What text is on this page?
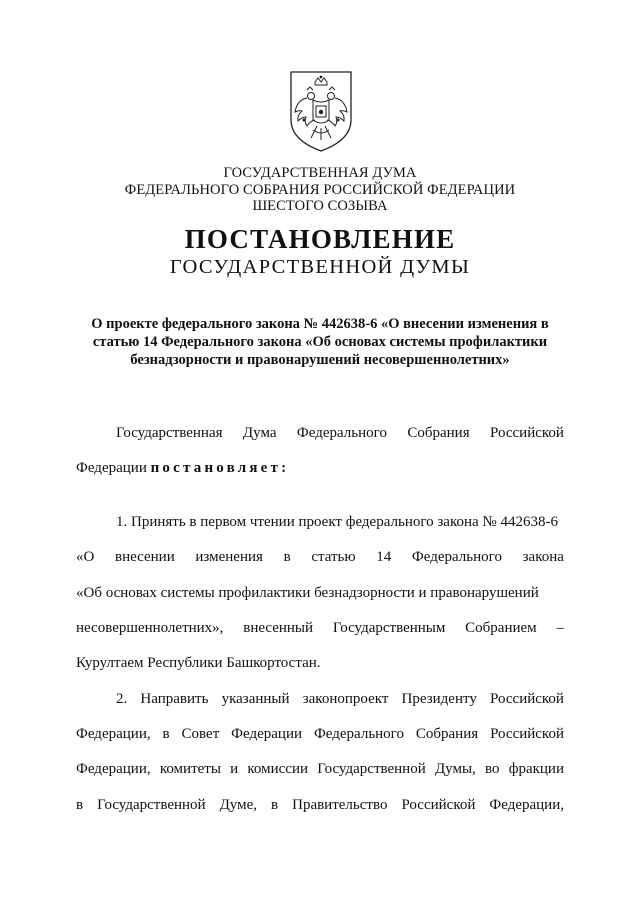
ГОСУДАРСТВЕННАЯ ДУМА
ФЕДЕРАЛЬНОГО СОБРАНИЯ РОССИЙСКОЙ ФЕДЕРАЦИИ
ШЕСТОГО СОЗЫВА
ПОСТАНОВЛЕНИЕ
ГОСУДАРСТВЕННОЙ ДУМЫ
О проекте федерального закона № 442638-6 «О внесении изменения в
статью 14 Федерального закона «Об основах системы профилактики
безнадзорности и правонарушений несовершеннолетних»
Государственная Дума Федерального Собрания Российской
Федерации постановляет:
1. Принять в первом чтении проект федерального закона № 442638-6
«О внесении изменения в статью 14 Федерального закона
«Об основах системы профилактики безнадзорности и правонарушений
несовершеннолетних», внесенный Государственным Собранием –
Курултаем Республики Башкортостан.
2. Направить указанный законопроект Президенту Российской
Федерации, в Совет Федерации Федерального Собрания Российской
Федерации, комитеты и комиссии Государственной Думы, во фракции
в Государственной Думе, в Правительство Российской Федерации,
